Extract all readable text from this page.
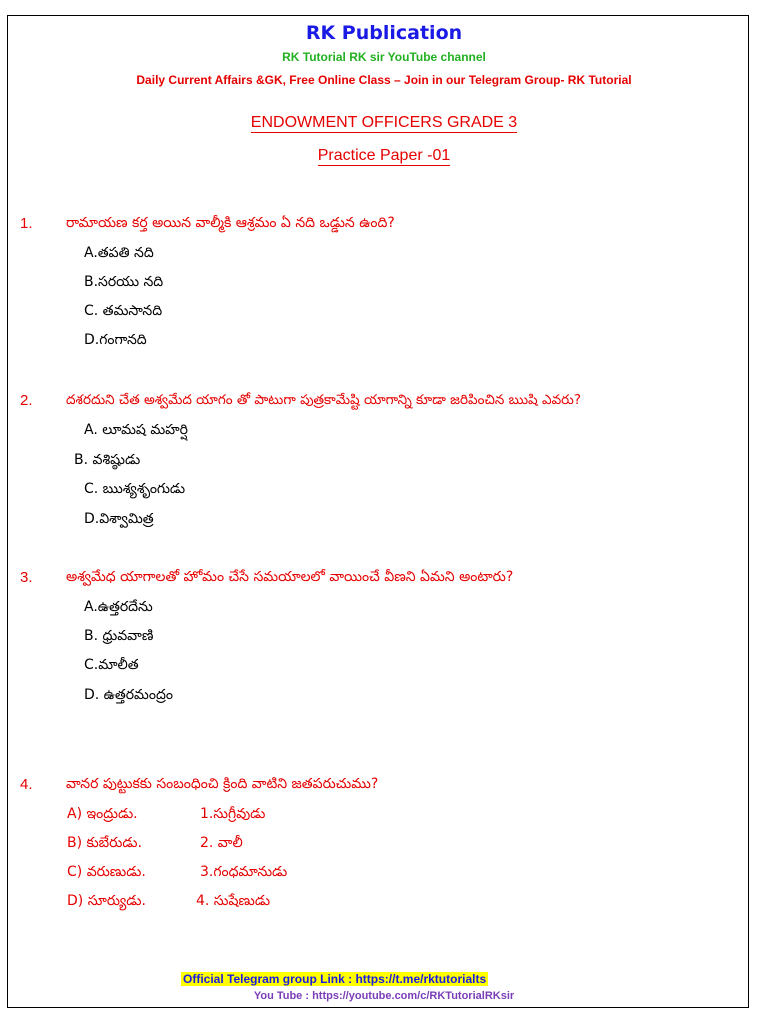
RK Publication
RK Tutorial RK sir YouTube channel
Daily Current Affairs &GK, Free Online Class – Join in our Telegram Group- RK Tutorial
ENDOWMENT OFFICERS GRADE 3
Practice Paper -01
1. రామాయణ కర్త అయిన వాల్మీకి ఆశ్రమం ఏ నది ఒడ్డున ఉంది?
A.తపతి నది
B.సరయు నది
C. తమసానది
D.గంగానది
2. దశరదుని చేత అశ్వమేద యాగం తో పాటుగా పుత్రకామేష్టి యాగాన్ని కూడా జరిపించిన ఋషి ఎవరు?
A. లూమష మహర్షి
B. వశిష్ఠుడు
C. ఋశ్యశృంగుడు
D.విశ్వామిత్ర
3. అశ్వమేధ యాగాలతో హోమం చేసే సమయాలలో వాయించే వీణని ఏమని అంటారు?
A.ఉత్తరదేను
B. ధ్రువవాణి
C.మాలీత
D. ఉత్తరమంద్రం
4. వానర పుట్టుకకు సంబంధించి క్రింది వాటిని జతపరుచుము?
A) ఇంద్రుడు.	1.సుగ్రీవుడు
B) కుబేరుడు.	2. వాలీ
C) వరుణుడు.	3.గంధమానుడు
D) సూర్యుడు.	4. సుషేణుడు
Official Telegram group Link : https://t.me/rktutorialts
You Tube : https://youtube.com/c/RKTutorialRKsir
